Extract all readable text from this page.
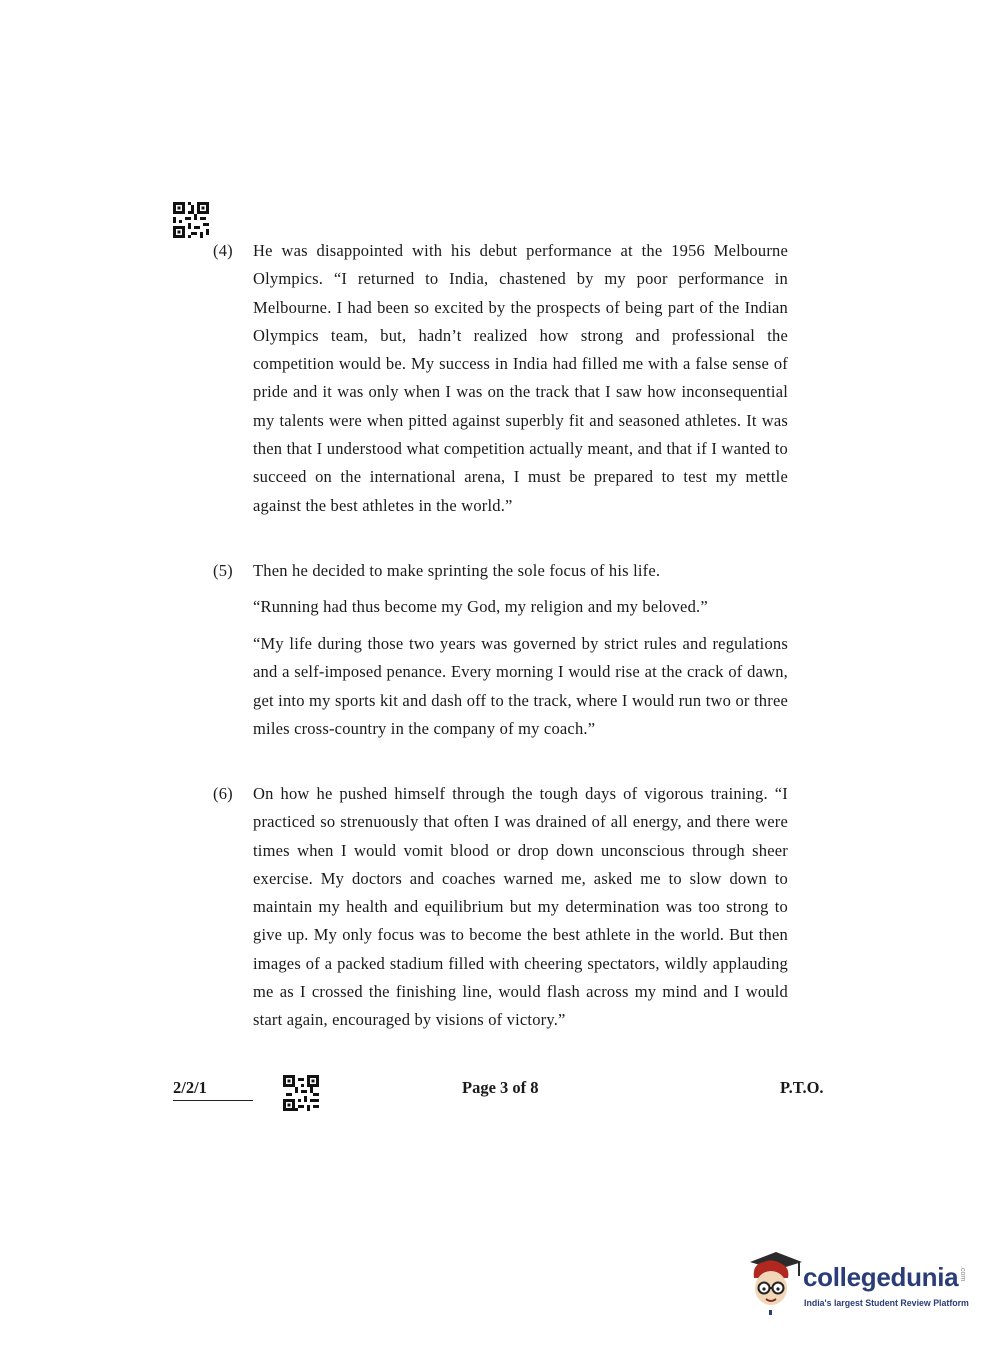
(4)	He was disappointed with his debut performance at the 1956 Melbourne Olympics. “I returned to India, chastened by my poor performance in Melbourne. I had been so excited by the prospects of being part of the Indian Olympics team, but, hadn’t realized how strong and professional the competition would be. My success in India had filled me with a false sense of pride and it was only when I was on the track that I saw how inconsequential my talents were when pitted against superbly fit and seasoned athletes. It was then that I understood what competition actually meant, and that if I wanted to succeed on the international arena, I must be prepared to test my mettle against the best athletes in the world.”

(5)	Then he decided to make sprinting the sole focus of his life.

“Running had thus become my God, my religion and my beloved.”

“My life during those two years was governed by strict rules and regulations and a self-imposed penance. Every morning I would rise at the crack of dawn, get into my sports kit and dash off to the track, where I would run two or three miles cross-country in the company of my coach.”

(6)	On how he pushed himself through the tough days of vigorous training. “I practiced so strenuously that often I was drained of all energy, and there were times when I would vomit blood or drop down unconscious through sheer exercise. My doctors and coaches warned me, asked me to slow down to maintain my health and equilibrium but my determination was too strong to give up. My only focus was to become the best athlete in the world. But then images of a packed stadium filled with cheering spectators, wildly applauding me as I crossed the finishing line, would flash across my mind and I would start again, encouraged by visions of victory.”

2/2/1	Page 3 of 8	P.T.O.
collegedunia .com
India's largest Student Review Platform
